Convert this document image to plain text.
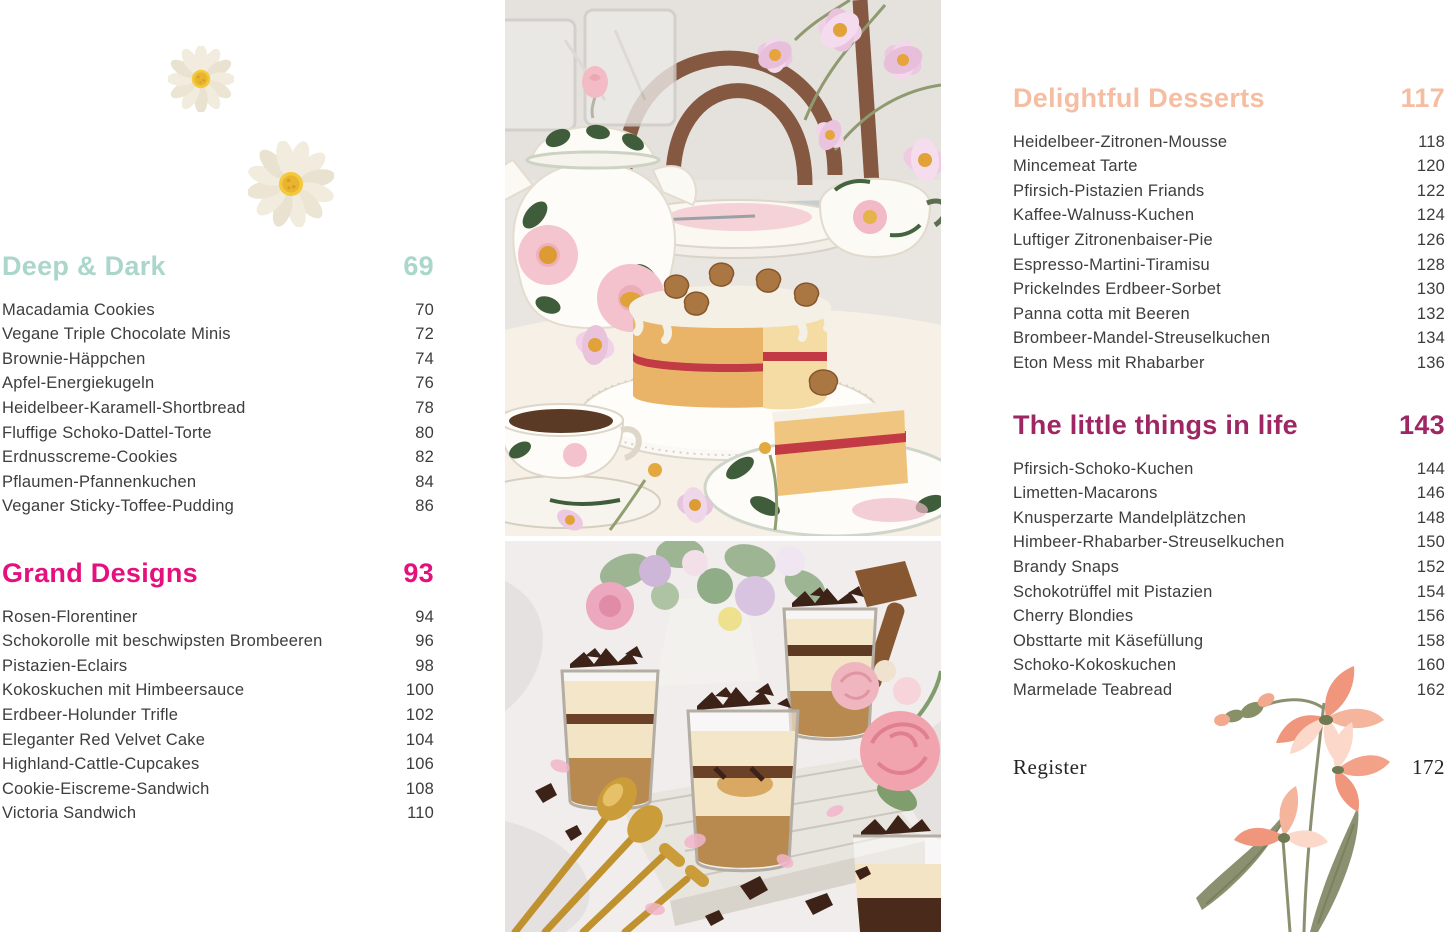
Deep & Dark	69
Macadamia Cookies	70
Vegane Triple Chocolate Minis	72
Brownie-Häppchen	74
Apfel-Energiekugeln	76
Heidelbeer-Karamell-Shortbread	78
Fluffige Schoko-Dattel-Torte	80
Erdnusscreme-Cookies	82
Pflaumen-Pfannenkuchen	84
Veganer Sticky-Toffee-Pudding	86
Grand Designs	93
Rosen-Florentiner	94
Schokorolle mit beschwipsten Brombeeren	96
Pistazien-Eclairs	98
Kokoskuchen mit Himbeersauce	100
Erdbeer-Holunder Trifle	102
Eleganter Red Velvet Cake	104
Highland-Cattle-Cupcakes	106
Cookie-Eiscreme-Sandwich	108
Victoria Sandwich	110
Delightful Desserts	117
Heidelbeer-Zitronen-Mousse	118
Mincemeat Tarte	120
Pfirsich-Pistazien Friands	122
Kaffee-Walnuss-Kuchen	124
Luftiger Zitronenbaiser-Pie	126
Espresso-Martini-Tiramisu	128
Prickelndes Erdbeer-Sorbet	130
Panna cotta mit Beeren	132
Brombeer-Mandel-Streuselkuchen	134
Eton Mess mit Rhabarber	136
The little things in life	143
Pfirsich-Schoko-Kuchen	144
Limetten-Macarons	146
Knusperzarte Mandelplätzchen	148
Himbeer-Rhabarber-Streuselkuchen	150
Brandy Snaps	152
Schokotrüffel mit Pistazien	154
Cherry Blondies	156
Obsttarte mit Käsefüllung	158
Schoko-Kokoskuchen	160
Marmelade Teabread	162
Register	172
